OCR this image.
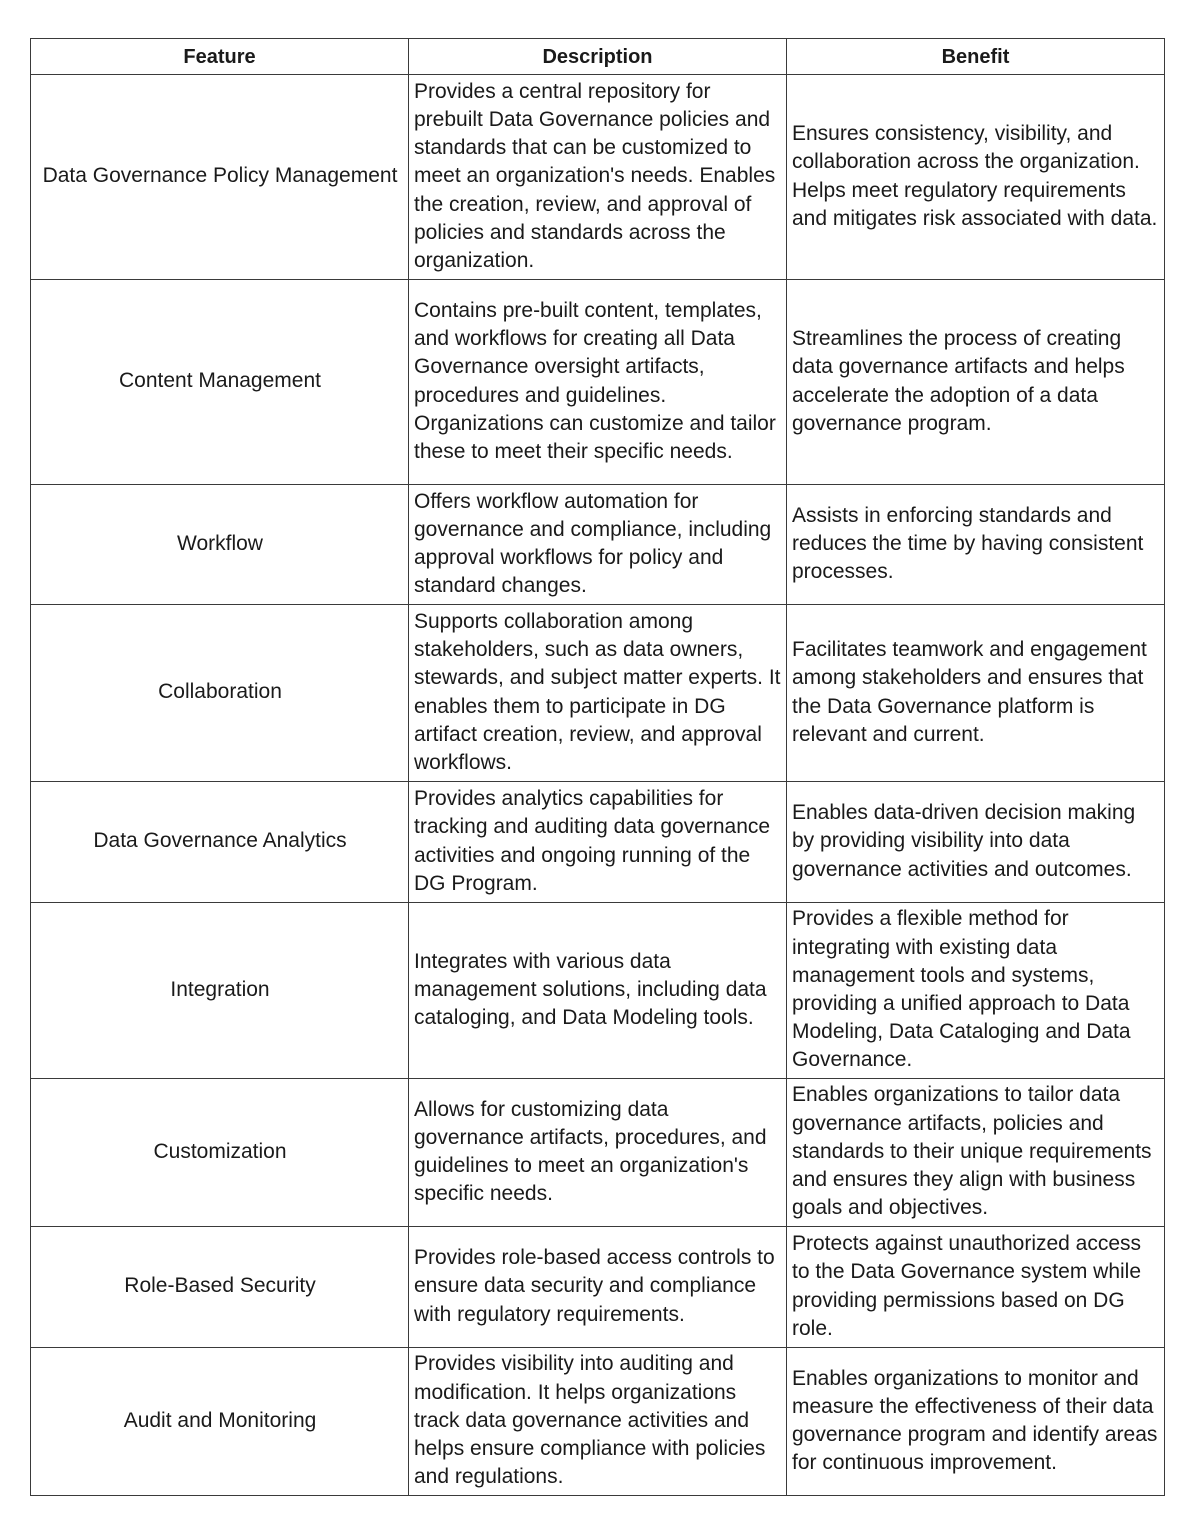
Feature	Description	Benefit
Data Governance Policy Management	Provides a central repository for prebuilt Data Governance policies and standards that can be customized to meet an organization's needs. Enables the creation, review, and approval of policies and standards across the organization.	Ensures consistency, visibility, and collaboration across the organization. Helps meet regulatory requirements and mitigates risk associated with data.
Content Management	Contains pre-built content, templates, and workflows for creating all Data Governance oversight artifacts, procedures and guidelines. Organizations can customize and tailor these to meet their specific needs.	Streamlines the process of creating data governance artifacts and helps accelerate the adoption of a data governance program.
Workflow	Offers workflow automation for governance and compliance, including approval workflows for policy and standard changes.	Assists in enforcing standards and reduces the time by having consistent processes.
Collaboration	Supports collaboration among stakeholders, such as data owners, stewards, and subject matter experts. It enables them to participate in DG artifact creation, review, and approval workflows.	Facilitates teamwork and engagement among stakeholders and ensures that the Data Governance platform is relevant and current.
Data Governance Analytics	Provides analytics capabilities for tracking and auditing data governance activities and ongoing running of the DG Program.	Enables data-driven decision making by providing visibility into data governance activities and outcomes.
Integration	Integrates with various data management solutions, including data cataloging, and Data Modeling tools.	Provides a flexible method for integrating with existing data management tools and systems, providing a unified approach to Data Modeling, Data Cataloging and Data Governance.
Customization	Allows for customizing data governance artifacts, procedures, and guidelines to meet an organization's specific needs.	Enables organizations to tailor data governance artifacts, policies and standards to their unique requirements and ensures they align with business goals and objectives.
Role-Based Security	Provides role-based access controls to ensure data security and compliance with regulatory requirements.	Protects against unauthorized access to the Data Governance system while providing permissions based on DG role.
Audit and Monitoring	Provides visibility into auditing and modification. It helps organizations track data governance activities and helps ensure compliance with policies and regulations.	Enables organizations to monitor and measure the effectiveness of their data governance program and identify areas for continuous improvement.
